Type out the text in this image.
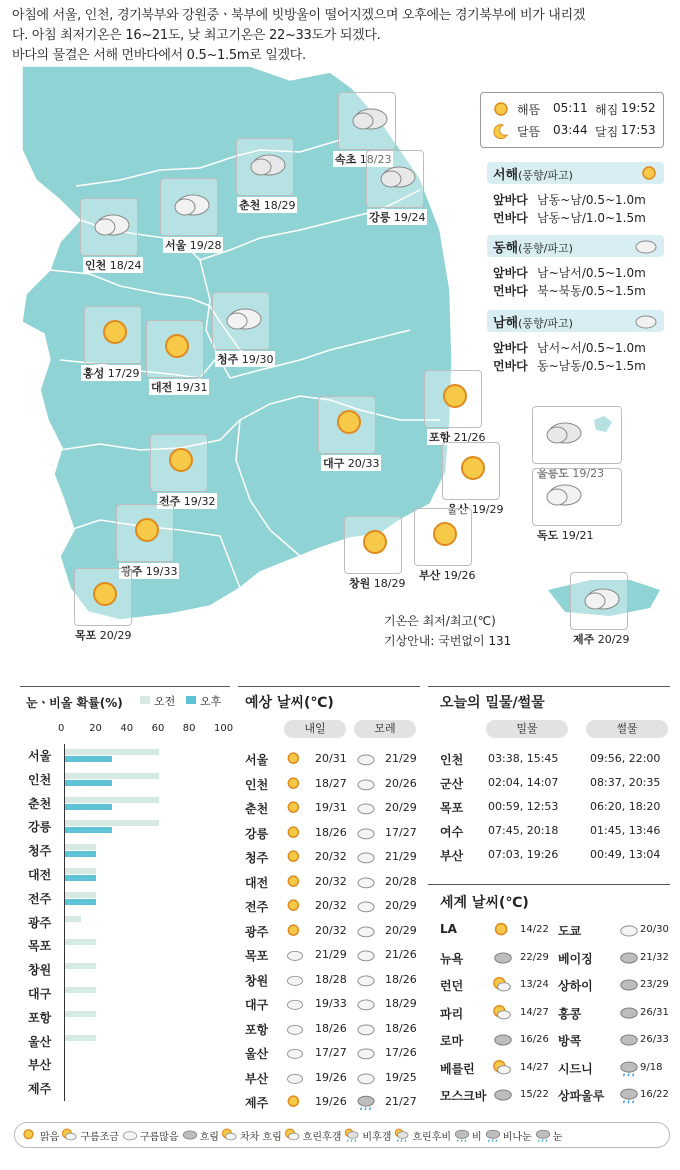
아침에 서울, 인천, 경기북부와 강원중ㆍ북부에 빗방울이 떨어지겠으며 오후에는 경기북부에 비가 내리겠
다. 아침 최저기온은 16~21도, 낮 최고기온은 22~33도가 되겠다.
바다의 물결은 서해 먼바다에서 0.5~1.5m로 일겠다.
속초 18/23
춘천 18/29
강릉 19/24
서울 19/28
인천 18/24
홍성 17/29
대전 19/31
청주 19/30
포항 21/26
대구 20/33
전주 19/32
울산 19/29
광주 19/33	부산 19/26
창원 18/29
목포 20/29
울릉도 19/23
독도 19/21
제주 20/29
해뜸 05:11 해짐 19:52
달뜸 03:44 달짐 17:53
서해(풍향/파고)
앞바다 남동~남/0.5~1.0m
먼바다 남동~남/1.0~1.5m
동해(풍향/파고)
앞바다 남~남서/0.5~1.0m
먼바다 북~북동/0.5~1.5m
남해(풍향/파고)
앞바다 남서~서/0.5~1.0m
먼바다 동~남동/0.5~1.5m
기온은 최저/최고(℃)
기상안내: 국번없이 131
눈ㆍ비올 확률(%)	오전 오후
0 20 40 60 80 100
서울
인천
춘천
강릉
청주
대전
전주
광주
목포
창원
대구
포항
울산
부산
제주
예상 날씨(℃)
내일	모레
서울	20/31	21/29
인천	18/27	20/26
춘천	19/31	20/29
강릉	18/26	17/27
청주	20/32	21/29
대전	20/32	20/28
전주	20/32	20/29
광주	20/32	20/29
목포	21/29	21/26
창원	18/28	18/26
대구	19/33	18/29
포항	18/26	18/26
울산	17/27	17/26
부산	19/26	19/25
제주	19/26	21/27
오늘의 밀물/썰물
밀물	썰물
인천 03:38, 15:45	09:56, 22:00
군산 02:04, 14:07	08:37, 20:35
목포 00:59, 12:53	06:20, 18:20
여수 07:45, 20:18	01:45, 13:46
부산 07:03, 19:26	00:49, 13:04
세계 날씨(℃)
LA	14/22 도쿄	20/30
뉴욕	22/29 베이징	21/32
런던	13/24 상하이	23/29
파리	14/27 홍콩	26/31
로마	16/26 방콕	26/33
베를린	14/27 시드니	9/18
모스크바	15/22 상파울루	16/22
맑음 구름조금 구름많음 흐림 차차 흐림 흐린후갬 비후갬 흐린후비 비 비나눈 눈
